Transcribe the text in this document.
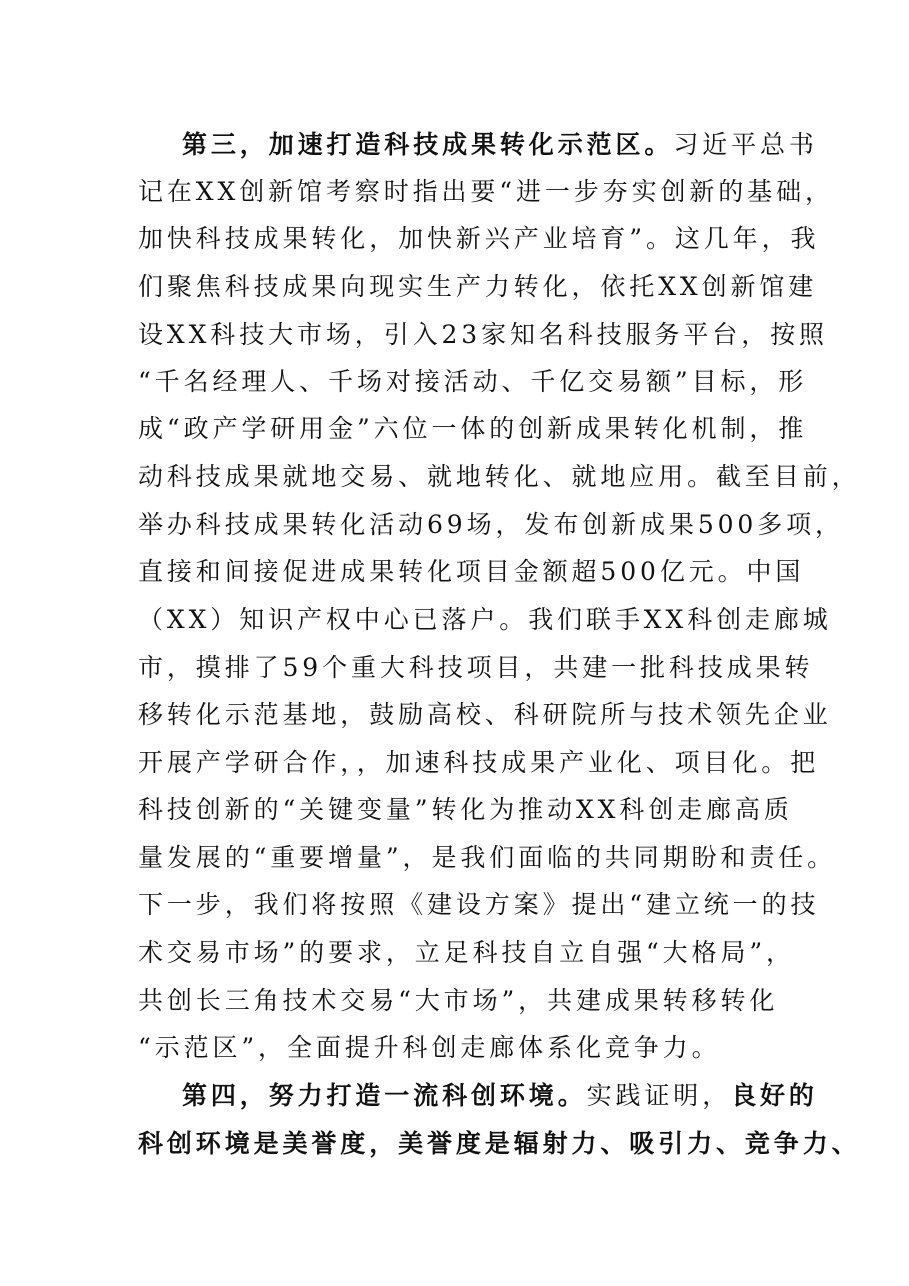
第三，加速打造科技成果转化示范区。习近平总书
记在XX创新馆考察时指出要“进一步夯实创新的基础，
加快科技成果转化，加快新兴产业培育”。这几年，我
们聚焦科技成果向现实生产力转化，依托XX创新馆建
设XX科技大市场，引入23家知名科技服务平台，按照
“千名经理人、千场对接活动、千亿交易额”目标，形
成“政产学研用金”六位一体的创新成果转化机制，推
动科技成果就地交易、就地转化、就地应用。截至目前，
举办科技成果转化活动69场，发布创新成果500多项，
直接和间接促进成果转化项目金额超500亿元。中国
（XX）知识产权中心已落户。我们联手XX科创走廊城
市，摸排了59个重大科技项目，共建一批科技成果转
移转化示范基地，鼓励高校、科研院所与技术领先企业
开展产学研合作，，加速科技成果产业化、项目化。把
科技创新的“关键变量”转化为推动XX科创走廊高质
量发展的“重要增量”，是我们面临的共同期盼和责任。
下一步，我们将按照《建设方案》提出“建立统一的技
术交易市场”的要求，立足科技自立自强“大格局”，
共创长三角技术交易“大市场”，共建成果转移转化
“示范区”，全面提升科创走廊体系化竞争力。
第四，努力打造一流科创环境。实践证明，良好的
科创环境是美誉度，美誉度是辐射力、吸引力、竞争力、
